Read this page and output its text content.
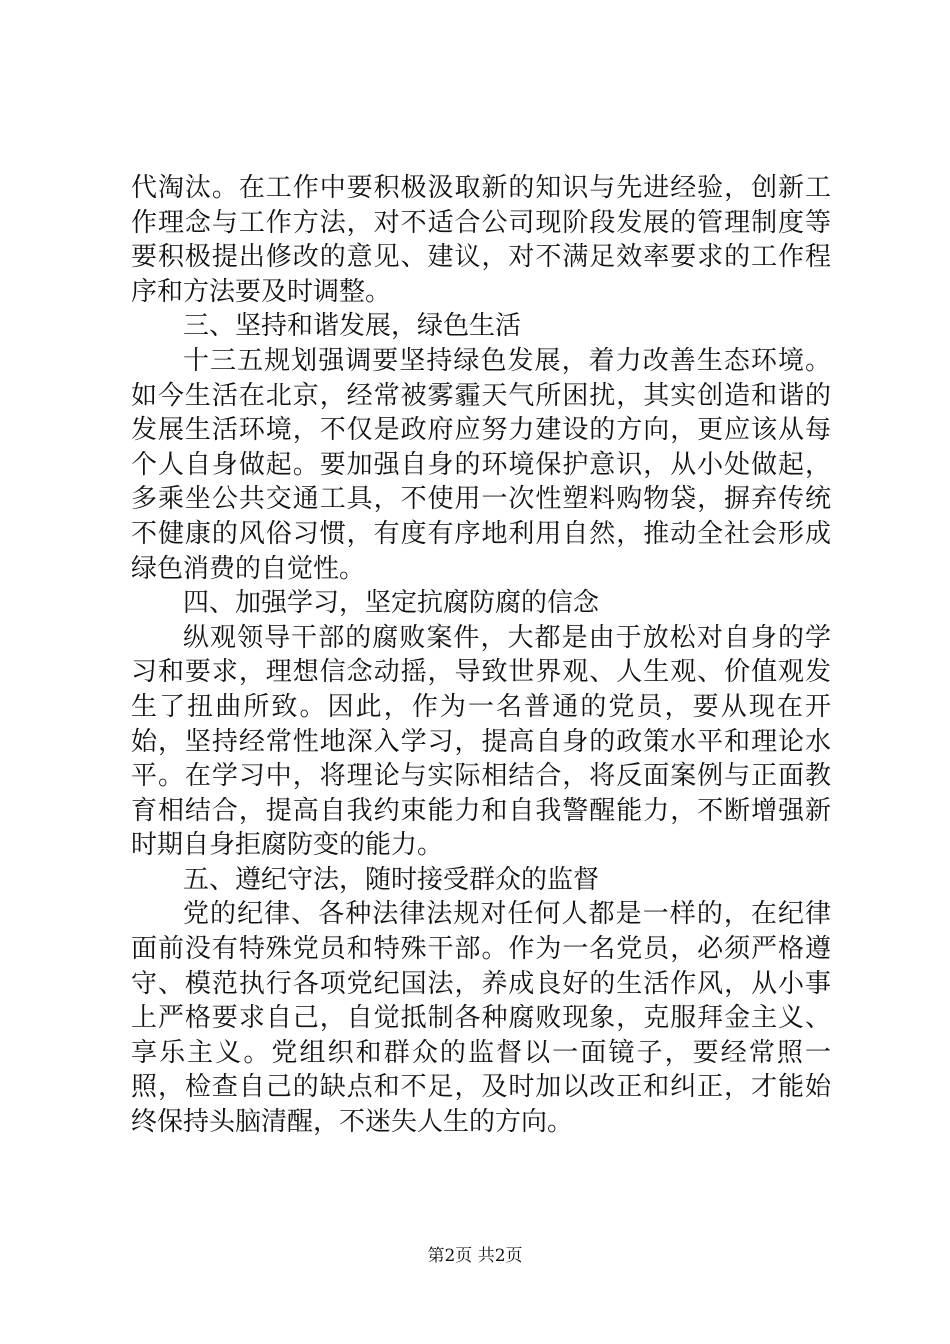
代淘汰。在工作中要积极汲取新的知识与先进经验，创新工作理念与工作方法，对不适合公司现阶段发展的管理制度等要积极提出修改的意见、建议，对不满足效率要求的工作程序和方法要及时调整。

三、坚持和谐发展，绿色生活

十三五规划强调要坚持绿色发展，着力改善生态环境。如今生活在北京，经常被雾霾天气所困扰，其实创造和谐的发展生活环境，不仅是政府应努力建设的方向，更应该从每个人自身做起。要加强自身的环境保护意识，从小处做起，多乘坐公共交通工具，不使用一次性塑料购物袋，摒弃传统不健康的风俗习惯，有度有序地利用自然，推动全社会形成绿色消费的自觉性。

四、加强学习，坚定抗腐防腐的信念

纵观领导干部的腐败案件，大都是由于放松对自身的学习和要求，理想信念动摇，导致世界观、人生观、价值观发生了扭曲所致。因此，作为一名普通的党员，要从现在开始，坚持经常性地深入学习，提高自身的政策水平和理论水平。在学习中，将理论与实际相结合，将反面案例与正面教育相结合，提高自我约束能力和自我警醒能力，不断增强新时期自身拒腐防变的能力。

五、遵纪守法，随时接受群众的监督

党的纪律、各种法律法规对任何人都是一样的，在纪律面前没有特殊党员和特殊干部。作为一名党员，必须严格遵守、模范执行各项党纪国法，养成良好的生活作风，从小事上严格要求自己，自觉抵制各种腐败现象，克服拜金主义、享乐主义。党组织和群众的监督以一面镜子，要经常照一照，检查自己的缺点和不足，及时加以改正和纠正，才能始终保持头脑清醒，不迷失人生的方向。

第2页 共2页
